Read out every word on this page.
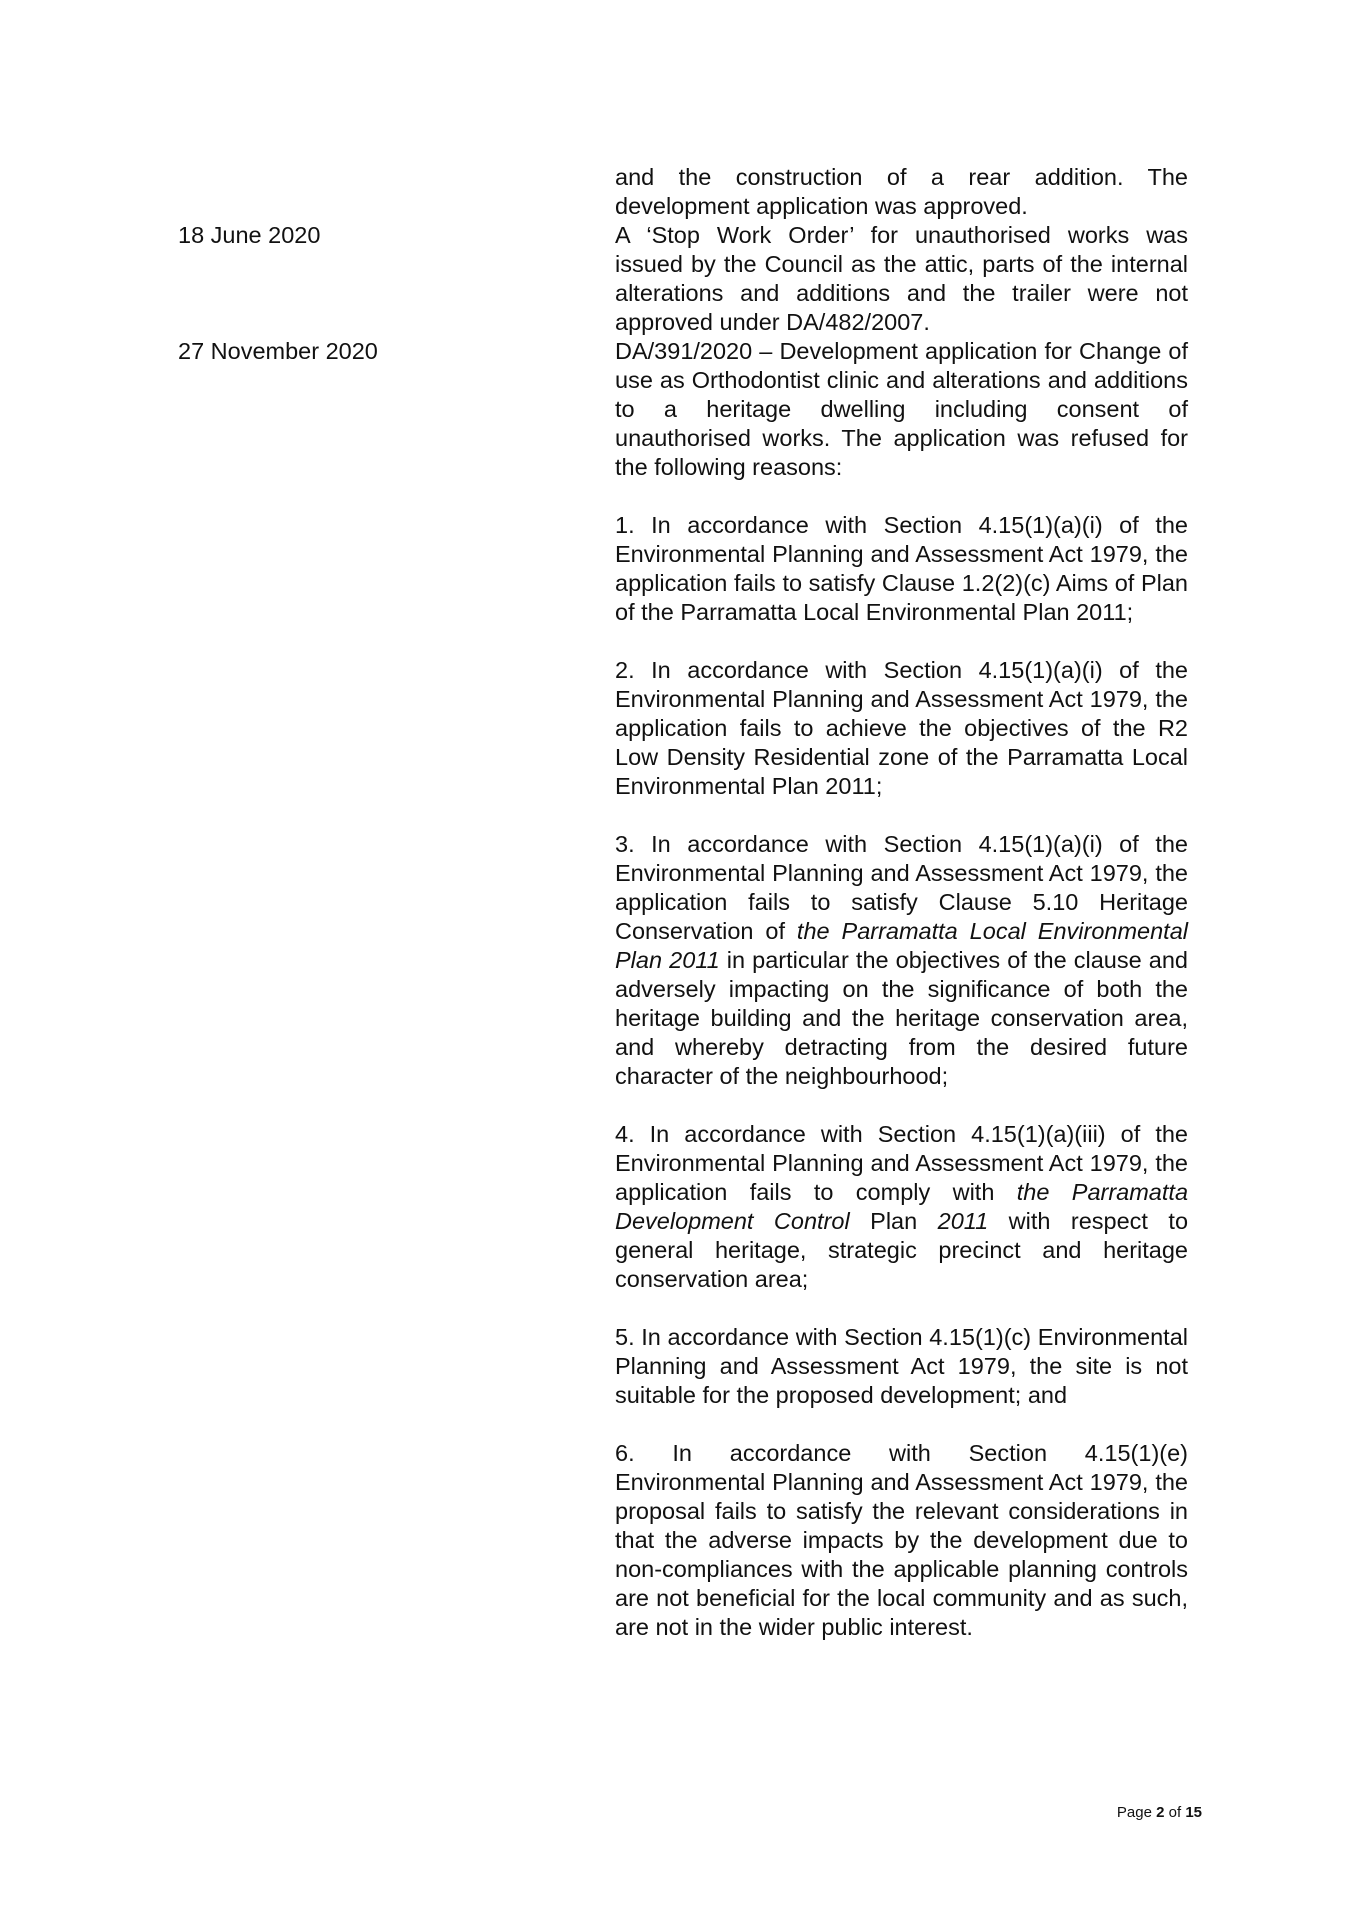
18 June 2020
27 November 2020

and the construction of a rear addition. The development application was approved.

A ‘Stop Work Order’ for unauthorised works was issued by the Council as the attic, parts of the internal alterations and additions and the trailer were not approved under DA/482/2007.

DA/391/2020 – Development application for Change of use as Orthodontist clinic and alterations and additions to a heritage dwelling including consent of unauthorised works. The application was refused for the following reasons:

1. In accordance with Section 4.15(1)(a)(i) of the Environmental Planning and Assessment Act 1979, the application fails to satisfy Clause 1.2(2)(c) Aims of Plan of the Parramatta Local Environmental Plan 2011;

2. In accordance with Section 4.15(1)(a)(i) of the Environmental Planning and Assessment Act 1979, the application fails to achieve the objectives of the R2 Low Density Residential zone of the Parramatta Local Environmental Plan 2011;

3. In accordance with Section 4.15(1)(a)(i) of the Environmental Planning and Assessment Act 1979, the application fails to satisfy Clause 5.10 Heritage Conservation of the Parramatta Local Environmental Plan 2011 in particular the objectives of the clause and adversely impacting on the significance of both the heritage building and the heritage conservation area, and whereby detracting from the desired future character of the neighbourhood;

4. In accordance with Section 4.15(1)(a)(iii) of the Environmental Planning and Assessment Act 1979, the application fails to comply with the Parramatta Development Control Plan 2011 with respect to general heritage, strategic precinct and heritage conservation area;

5. In accordance with Section 4.15(1)(c) Environmental Planning and Assessment Act 1979, the site is not suitable for the proposed development; and

6. In accordance with Section 4.15(1)(e) Environmental Planning and Assessment Act 1979, the proposal fails to satisfy the relevant considerations in that the adverse impacts by the development due to non-compliances with the applicable planning controls are not beneficial for the local community and as such, are not in the wider public interest.

Page 2 of 15
